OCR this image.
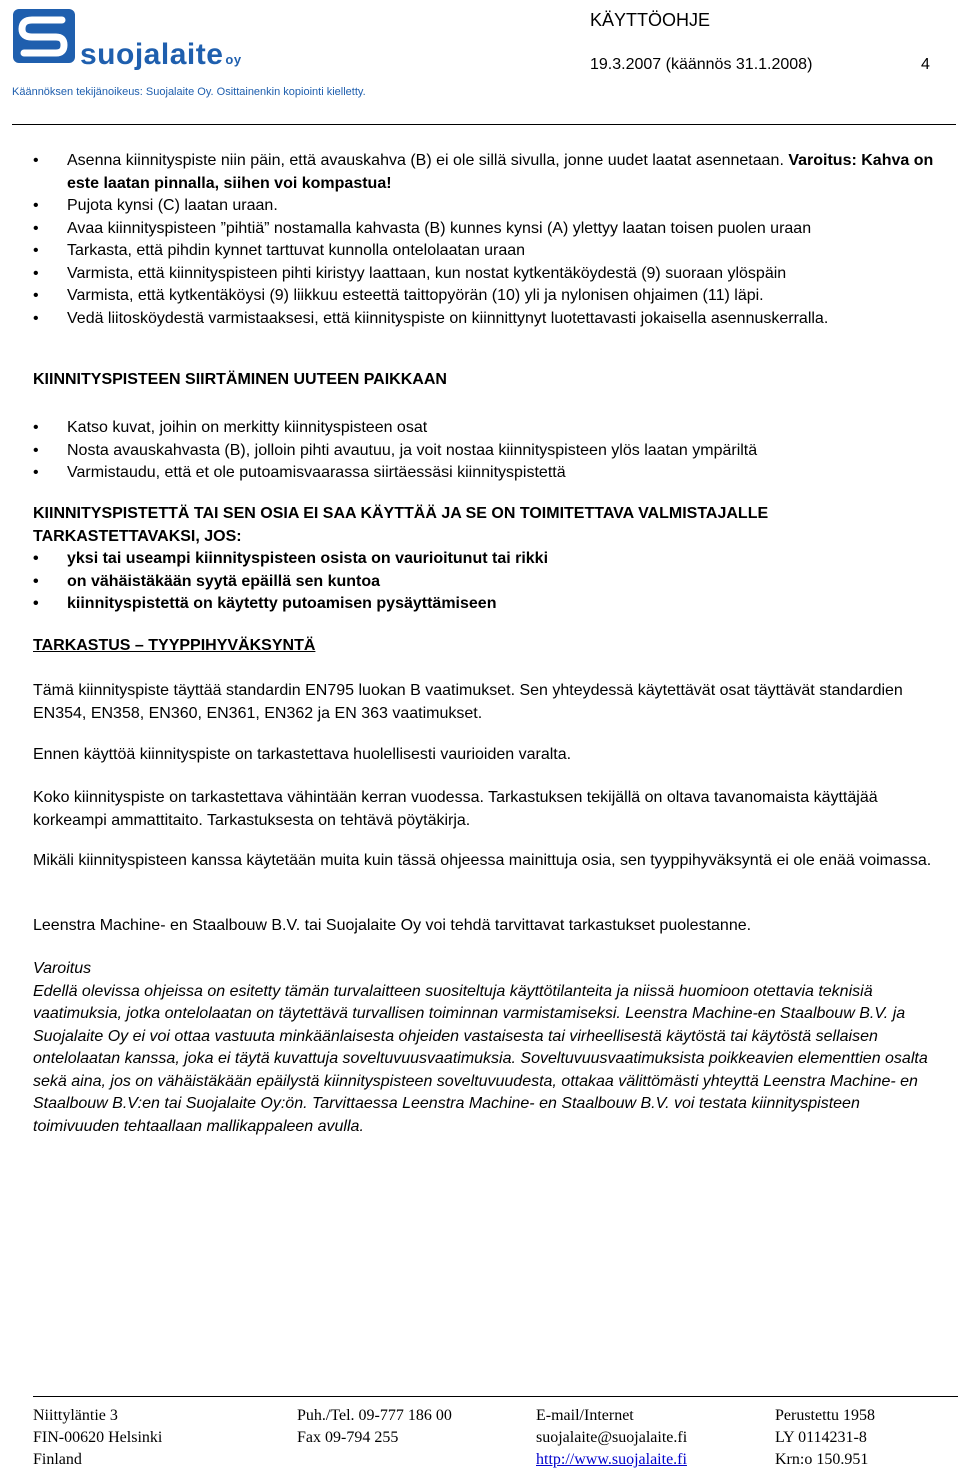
suojalaite oy
Käännöksen tekijänoikeus: Suojalaite Oy. Osittainenkin kopiointi kielletty.
KÄYTTÖOHJE
19.3.2007 (käännös 31.1.2008)	4
• Asenna kiinnityspiste niin päin, että avauskahva (B) ei ole sillä sivulla, jonne uudet laatat asennetaan. Varoitus: Kahva on este laatan pinnalla, siihen voi kompastua!
• Pujota kynsi (C) laatan uraan.
• Avaa kiinnityspisteen ”pihtiä” nostamalla kahvasta (B) kunnes kynsi (A) ylettyy laatan toisen puolen uraan
• Tarkasta, että pihdin kynnet tarttuvat kunnolla ontelolaatan uraan
• Varmista, että kiinnityspisteen pihti kiristyy laattaan, kun nostat kytkentäköydestä (9) suoraan ylöspäin
• Varmista, että kytkentäköysi (9) liikkuu esteettä taittopyörän (10) yli ja nylonisen ohjaimen (11) läpi.
• Vedä liitosköydestä varmistaaksesi, että kiinnityspiste on kiinnittynyt luotettavasti jokaisella asennuskerralla.
KIINNITYSPISTEEN SIIRTÄMINEN UUTEEN PAIKKAAN
• Katso kuvat, joihin on merkitty kiinnityspisteen osat
• Nosta avauskahvasta (B), jolloin pihti avautuu, ja voit nostaa kiinnityspisteen ylös laatan ympäriltä
• Varmistaudu, että et ole putoamisvaarassa siirtäessäsi kiinnityspistettä
KIINNITYSPISTETTÄ TAI SEN OSIA EI SAA KÄYTTÄÄ JA SE ON TOIMITETTAVA VALMISTAJALLE TARKASTETTAVAKSI, JOS:
• yksi tai useampi kiinnityspisteen osista on vaurioitunut tai rikki
• on vähäistäkään syytä epäillä sen kuntoa
• kiinnityspistettä on käytetty putoamisen pysäyttämiseen
TARKASTUS – TYYPPIHYVÄKSYNTÄ
Tämä kiinnityspiste täyttää standardin EN795 luokan B vaatimukset. Sen yhteydessä käytettävät osat täyttävät standardien EN354, EN358, EN360, EN361, EN362 ja EN 363 vaatimukset.
Ennen käyttöä kiinnityspiste on tarkastettava huolellisesti vaurioiden varalta.
Koko kiinnityspiste on tarkastettava vähintään kerran vuodessa. Tarkastuksen tekijällä on oltava tavanomaista käyttäjää korkeampi ammattitaito. Tarkastuksesta on tehtävä pöytäkirja.
Mikäli kiinnityspisteen kanssa käytetään muita kuin tässä ohjeessa mainittuja osia, sen tyyppihyväksyntä ei ole enää voimassa.
Leenstra Machine- en Staalbouw B.V. tai Suojalaite Oy voi tehdä tarvittavat tarkastukset puolestanne.
Varoitus
Edellä olevissa ohjeissa on esitetty tämän turvalaitteen suositeltuja käyttötilanteita ja niissä huomioon otettavia teknisiä vaatimuksia, jotka ontelolaatan on täytettävä turvallisen toiminnan varmistamiseksi. Leenstra Machine-en Staalbouw B.V. ja Suojalaite Oy ei voi ottaa vastuuta minkäänlaisesta ohjeiden vastaisesta tai virheellisestä käytöstä tai käytöstä sellaisen ontelolaatan kanssa, joka ei täytä kuvattuja soveltuvuusvaatimuksia. Soveltuvuusvaatimuksista poikkeavien elementtien osalta sekä aina, jos on vähäistäkään epäilystä kiinnityspisteen soveltuvuudesta, ottakaa välittömästi yhteyttä Leenstra Machine- en Staalbouw B.V:en tai Suojalaite Oy:ön. Tarvittaessa Leenstra Machine- en Staalbouw B.V. voi testata kiinnityspisteen toimivuuden tehtaallaan mallikappaleen avulla.
Niittyläntie 3
FIN-00620 Helsinki
Finland
Puh./Tel. 09-777 186 00
Fax 09-794 255
E-mail/Internet
suojalaite@suojalaite.fi
http://www.suojalaite.fi
Perustettu 1958
LY 0114231-8
Krn:o 150.951
